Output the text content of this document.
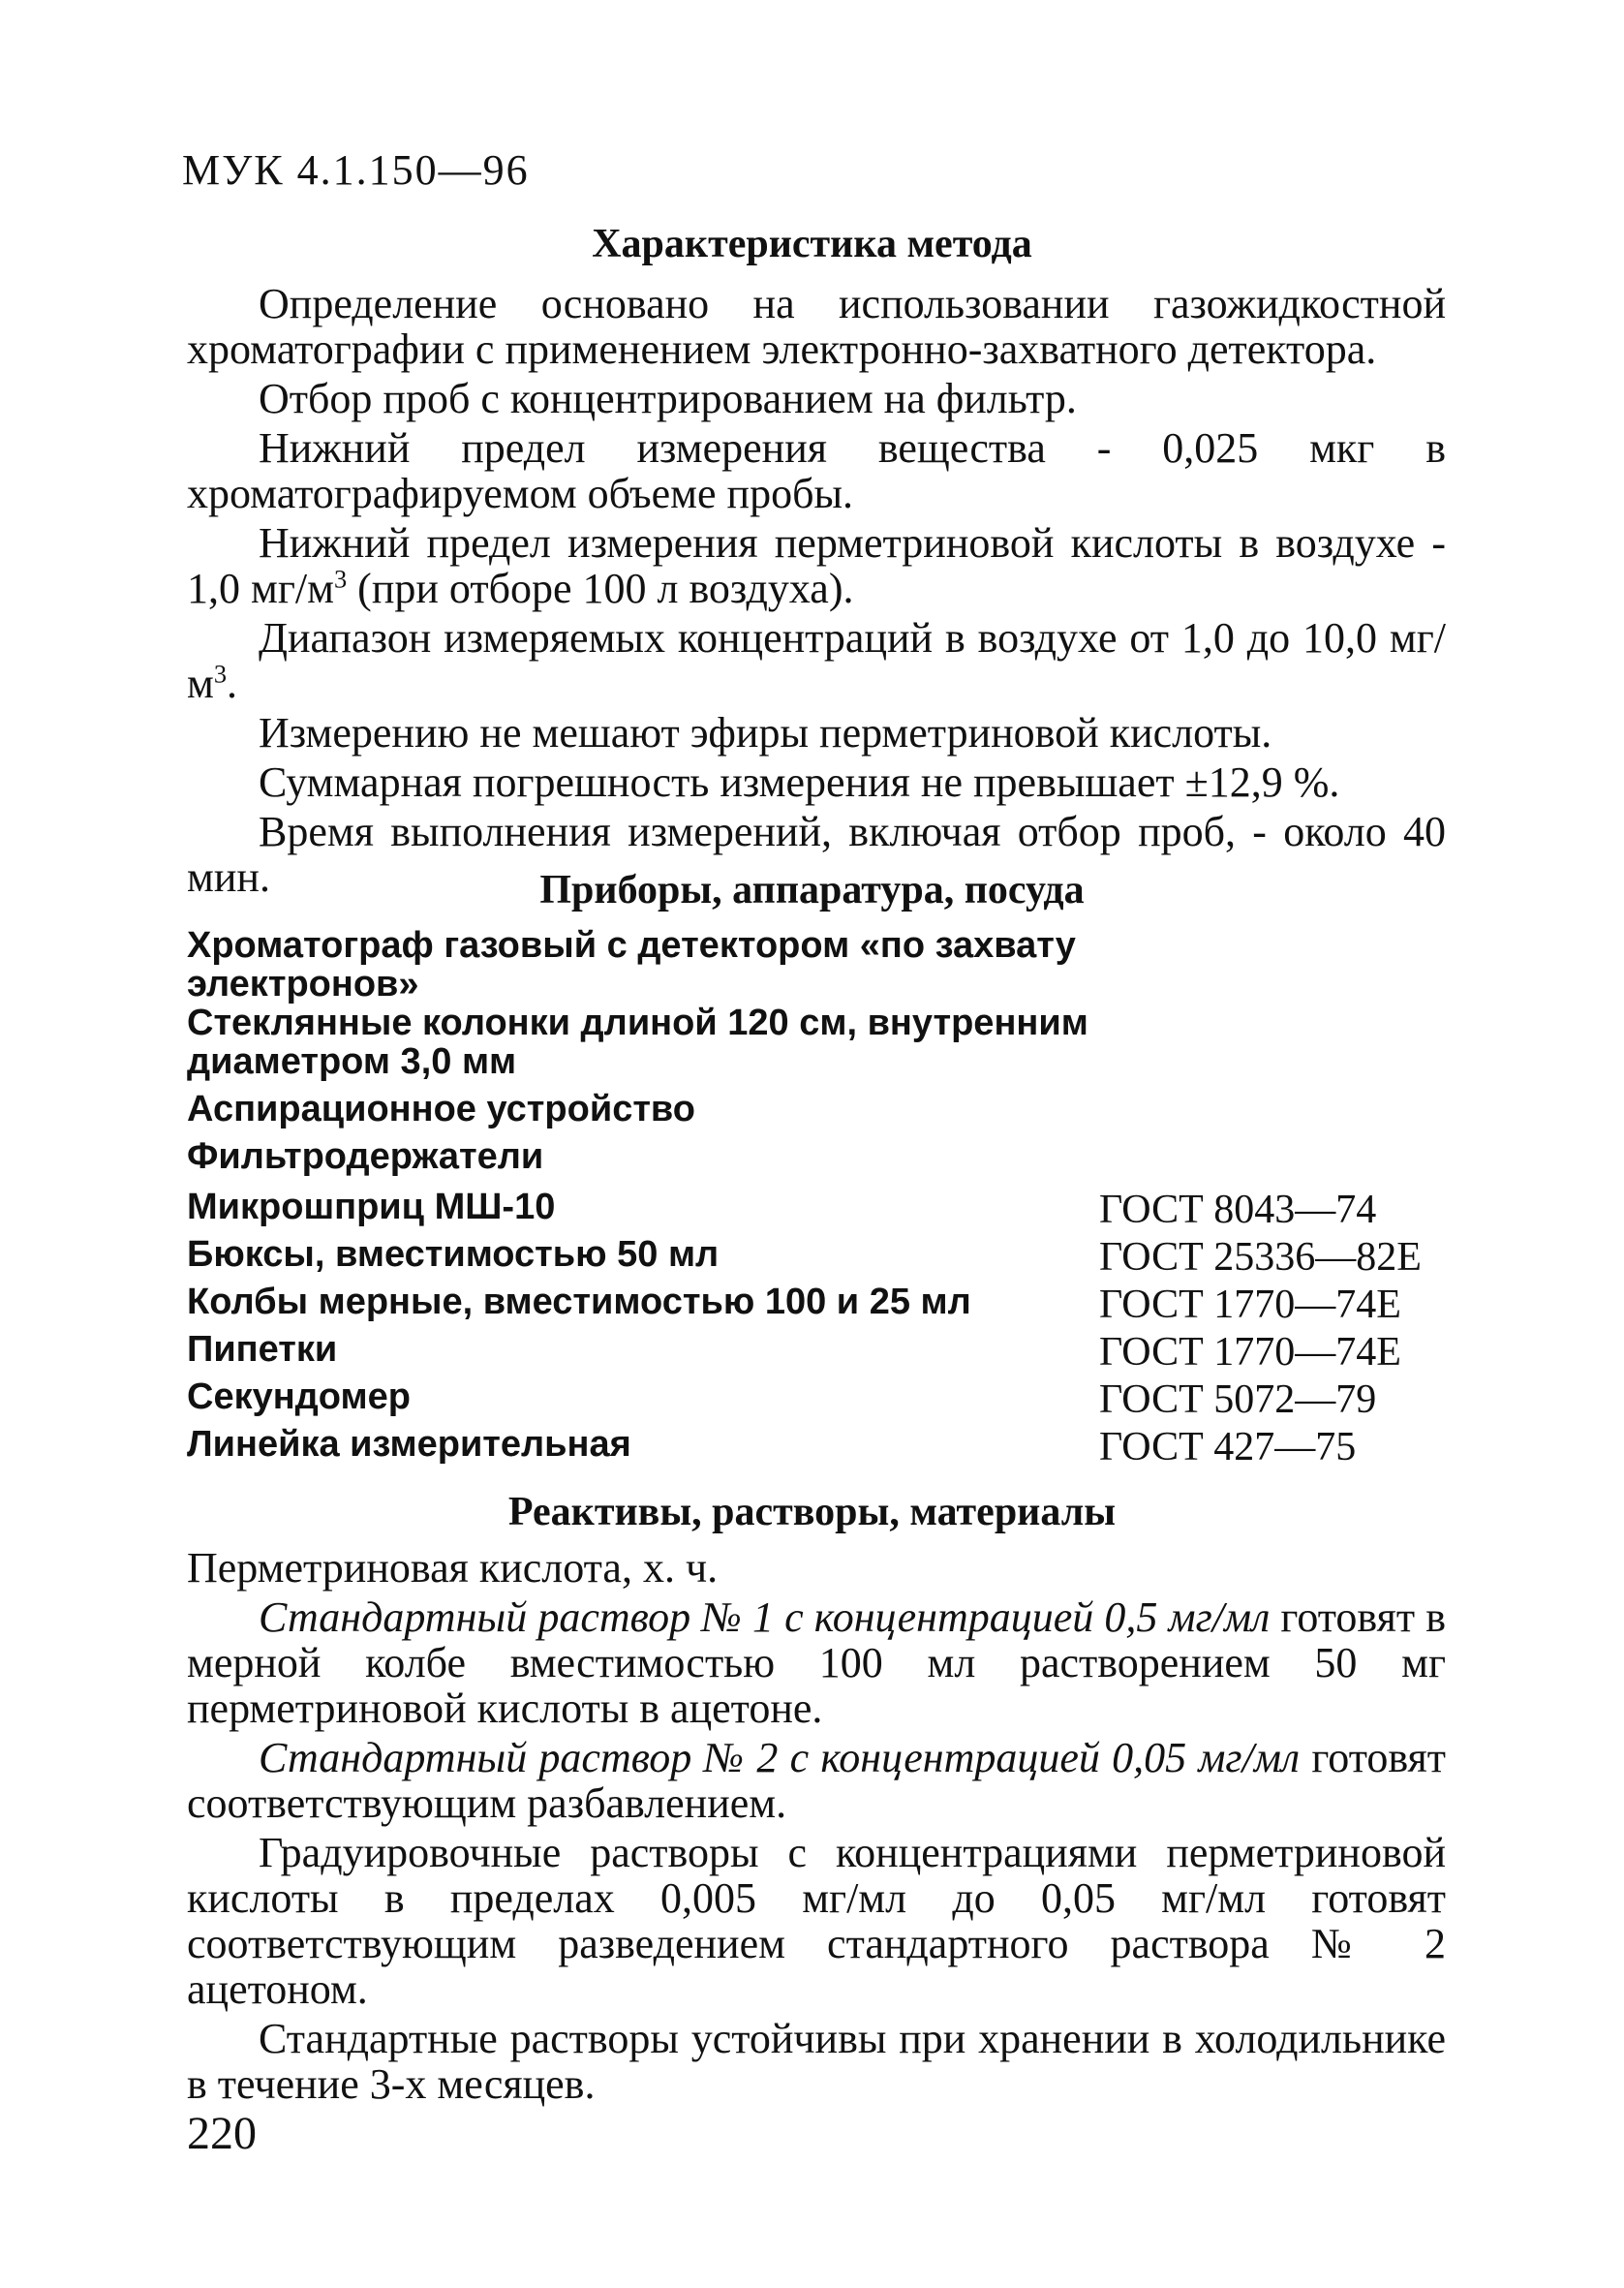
МУК 4.1.150—96
Характеристика метода

Определение основано на использовании газожидкостной хроматографии с применением электронно-захватного детектора.

Отбор проб с концентрированием на фильтр.

Нижний предел измерения вещества - 0,025 мкг в хроматографируемом объеме пробы.

Нижний предел измерения перметриновой кислоты в воздухе - 1,0 $мг/м^3$ (при отборе 100 л воздуха).

Диапазон измеряемых концентраций в воздухе от 1,0 до 10,0 $мг/м^3$.

Измерению не мешают эфиры перметриновой кислоты.

Суммарная погрешность измерения не превышает ±12,9 %.

Время выполнения измерений, включая отбор проб, - около 40 мин.	Приборы, аппаратура, посуда
Хроматограф газовый с детектором «по захвату электронов»
Стеклянные колонки длиной 120 см, внутренним диаметром 3,0 мм
Аспирационное устройство
Фильтродержатели
Микрошприц МШ-10	ГОСТ 8043—74
Бюксы, вместимостью 50 мл	ГОСТ 25336—82Е
Колбы мерные, вместимостью 100 и 25 мл	ГОСТ 1770—74Е
Пипетки	ГОСТ 1770—74Е
Секундомер	ГОСТ 5072—79
Линейка измерительная	ГОСТ 427—75
Реактивы, растворы, материалы

Перметриновая кислота, х. ч.

Стандартный раствор № 1 с концентрацией 0,5 мг/мл готовят в мерной колбе вместимостью 100 мл растворением 50 мг перметриновой кислоты в ацетоне.

Стандартный раствор № 2 с концентрацией 0,05 мг/мл готовят соответствующим разбавлением.

Градуировочные растворы с концентрациями перметриновой кислоты в пределах 0,005 мг/мл до 0,05 мг/мл готовят соответствующим разведением стандартного раствора № 2 ацетоном.

Стандартные растворы устойчивы при хранении в холодильнике в течение 3-х месяцев.

220
